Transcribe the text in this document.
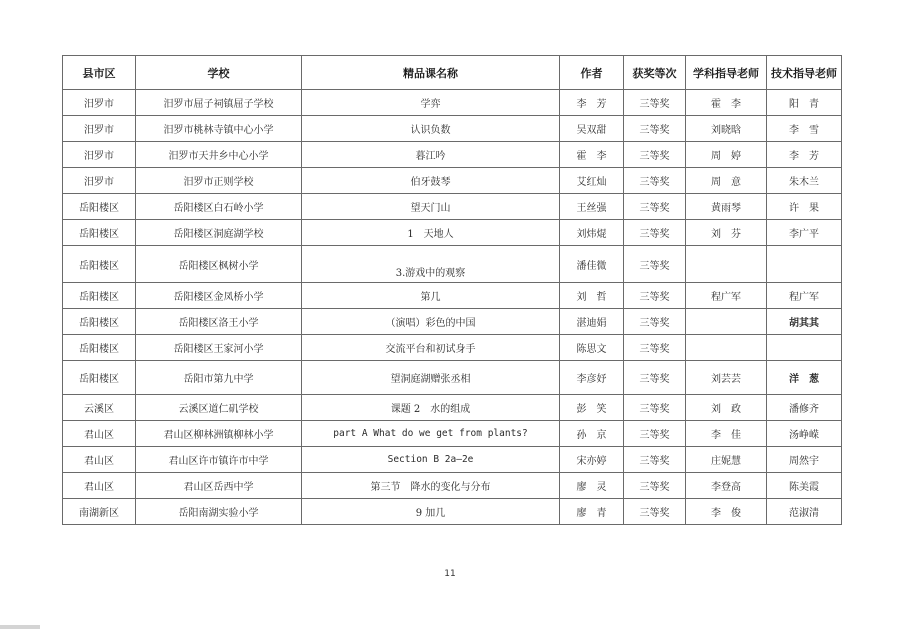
县市区	学校	精品课名称	作者	获奖等次	学科指导老师	技术指导老师
汨罗市	汨罗市屈子祠镇屈子学校	学弈	李　芳	三等奖	霍　李	阳　青
汨罗市	汨罗市桃林寺镇中心小学	认识负数	吴双甜	三等奖	刘晓晗	李　雪
汨罗市	汨罗市天井乡中心小学	暮江吟	霍　李	三等奖	周　婷	李　芳
汨罗市	汨罗市正则学校	伯牙鼓琴	艾红灿	三等奖	周　意	朱木兰
岳阳楼区	岳阳楼区白石岭小学	望天门山	王丝强	三等奖	黄雨琴	许　果
岳阳楼区	岳阳楼区洞庭湖学校	1　天地人	刘炜焜	三等奖	刘　芬	李广平
岳阳楼区	岳阳楼区枫树小学	3.游戏中的观察	潘佳微	三等奖		
岳阳楼区	岳阳楼区金凤桥小学	第几	刘　哲	三等奖	程广军	程广军
岳阳楼区	岳阳楼区洛王小学	（演唱）彩色的中国	湛迪娟	三等奖		胡其其
岳阳楼区	岳阳楼区王家河小学	交流平台和初试身手	陈思文	三等奖		
岳阳楼区	岳阳市第九中学	望洞庭湖赠张丞相	李彦妤	三等奖	刘芸芸	洋　葱
云溪区	云溪区道仁矶学校	课题 2　水的组成	彭　笑	三等奖	刘　政	潘修齐
君山区	君山区柳林洲镇柳林小学	part A What do we get from plants?	孙　京	三等奖	李　佳	汤峥嵘
君山区	君山区许市镇许市中学	Section B 2a—2e	宋亦婷	三等奖	庄妮慧	周然宇
君山区	君山区岳西中学	第三节　降水的变化与分布	廖　灵	三等奖	李登高	陈美霞
南湖新区	岳阳南湖实验小学	9 加几	廖　青	三等奖	李　俊	范淑清
11
